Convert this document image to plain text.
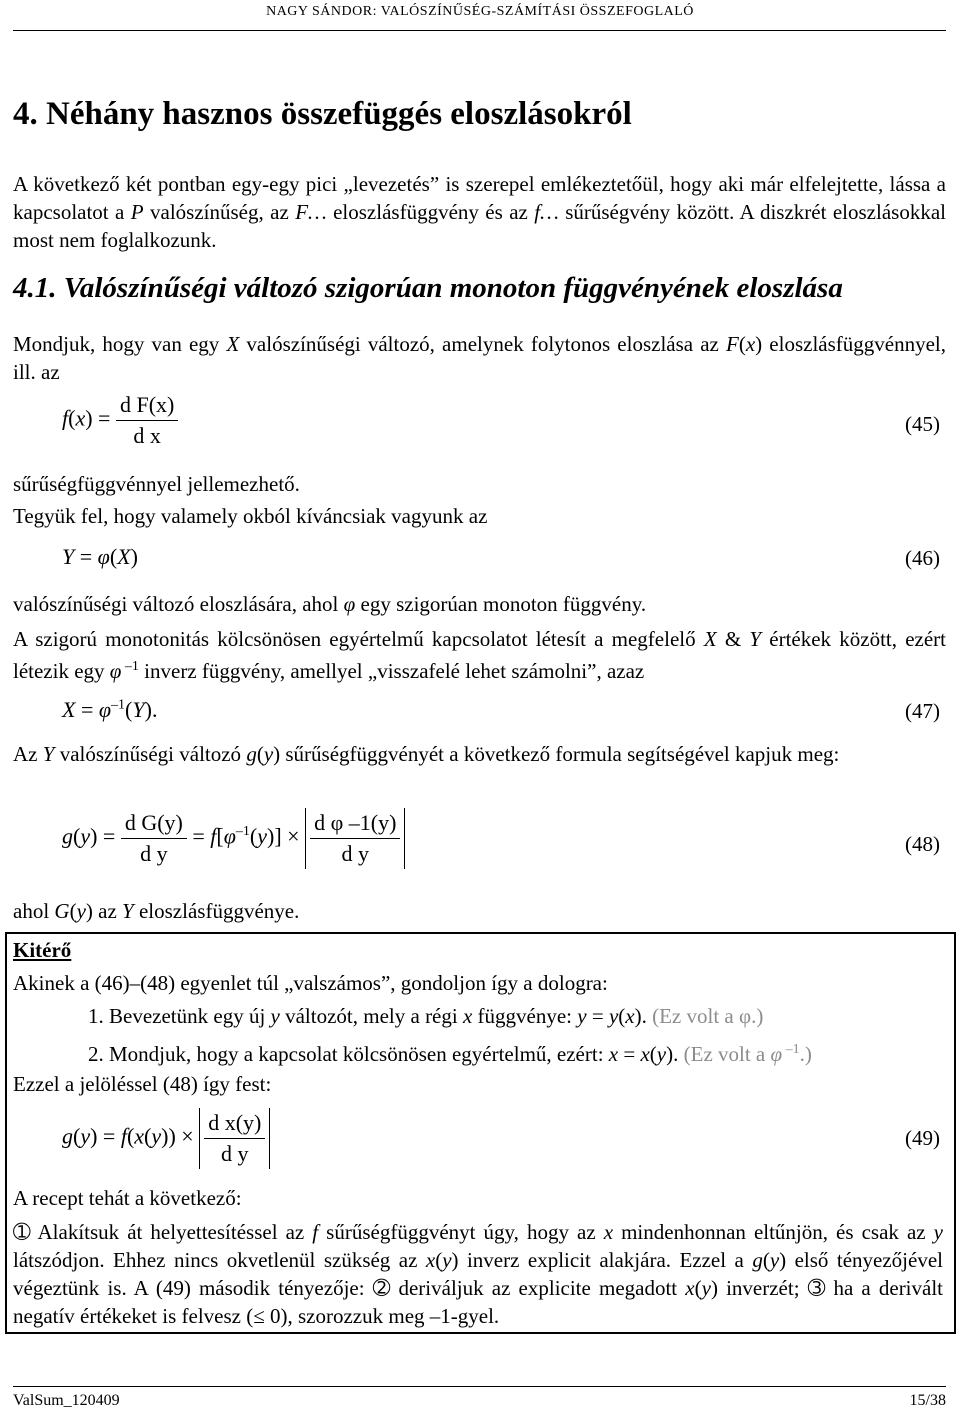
NAGY SÁNDOR: VALÓSZÍNŰSÉG-SZÁMÍTÁSI ÖSSZEFOGLALÓ
4. Néhány hasznos összefüggés eloszlásokról
A következő két pontban egy-egy pici „levezetés” is szerepel emlékeztetőül, hogy aki már elfelejtette, lássa a kapcsolatot a P valószínűség, az F… eloszlásfüggvény és az f… sűrűségvény között. A diszkrét eloszlásokkal most nem foglalkozunk.
4.1. Valószínűségi változó szigorúan monoton függvényének eloszlása
Mondjuk, hogy van egy X valószínűségi változó, amelynek folytonos eloszlása az F(x) eloszlásfüggvénnyel, ill. az
$f(x) = \frac{\text{d F(x)}}{\text{d x}}$	(45)
sűrűségfüggvénnyel jellemezhető.
Tegyük fel, hogy valamely okból kíváncsiak vagyunk az
Y = φ(X)	(46)
valószínűségi változó eloszlására, ahol φ egy szigorúan monoton függvény.
A szigorú monotonitás kölcsönösen egyértelmű kapcsolatot létesít a megfelelő X & Y értékek között, ezért létezik egy φ $^{-1}$ inverz függvény, amellyel „visszafelé lehet számolni”, azaz
$X = \varphi^{-1}(Y)$.	(47)
Az Y valószínűségi változó g(y) sűrűségfüggvényét a következő formula segítségével kapjuk meg:
$g(y) = \frac{\text{d G(y)}}{\text{d y}} = f[\varphi^{-1}(y)] \times \frac{\text{d φ –1(y)}}{\text{d y}}$	(48)
ahol G(y) az Y eloszlásfüggvénye.
Kitérő
Akinek a (46)–(48) egyenlet túl „valszámos”, gondoljon így a dologra:
1. Bevezetünk egy új y változót, mely a régi x függvénye: y = y(x). (Ez volt a φ.)
2. Mondjuk, hogy a kapcsolat kölcsönösen egyértelmű, ezért: x = x(y). (Ez volt a φ $^{-1}$.)
Ezzel a jelöléssel (48) így fest:
$g(y) = f(x(y)) \times \frac{\text{d x(y)}}{\text{d y}}$	(49)
A recept tehát a következő:
➀ Alakítsuk át helyettesítéssel az f sűrűségfüggvényt úgy, hogy az x mindenhonnan eltűnjön, és csak az y látszódjon. Ehhez nincs okvetlenül szükség az x(y) inverz explicit alakjára. Ezzel a g(y) első tényezőjével végeztünk is. A (49) második tényezője: ➁ deriváljuk az explicite megadott x(y) inverzét; ➂ ha a derivált negatív értékeket is felvesz (≤ 0), szorozzuk meg –1-gyel.
ValSum_120409	15/38
